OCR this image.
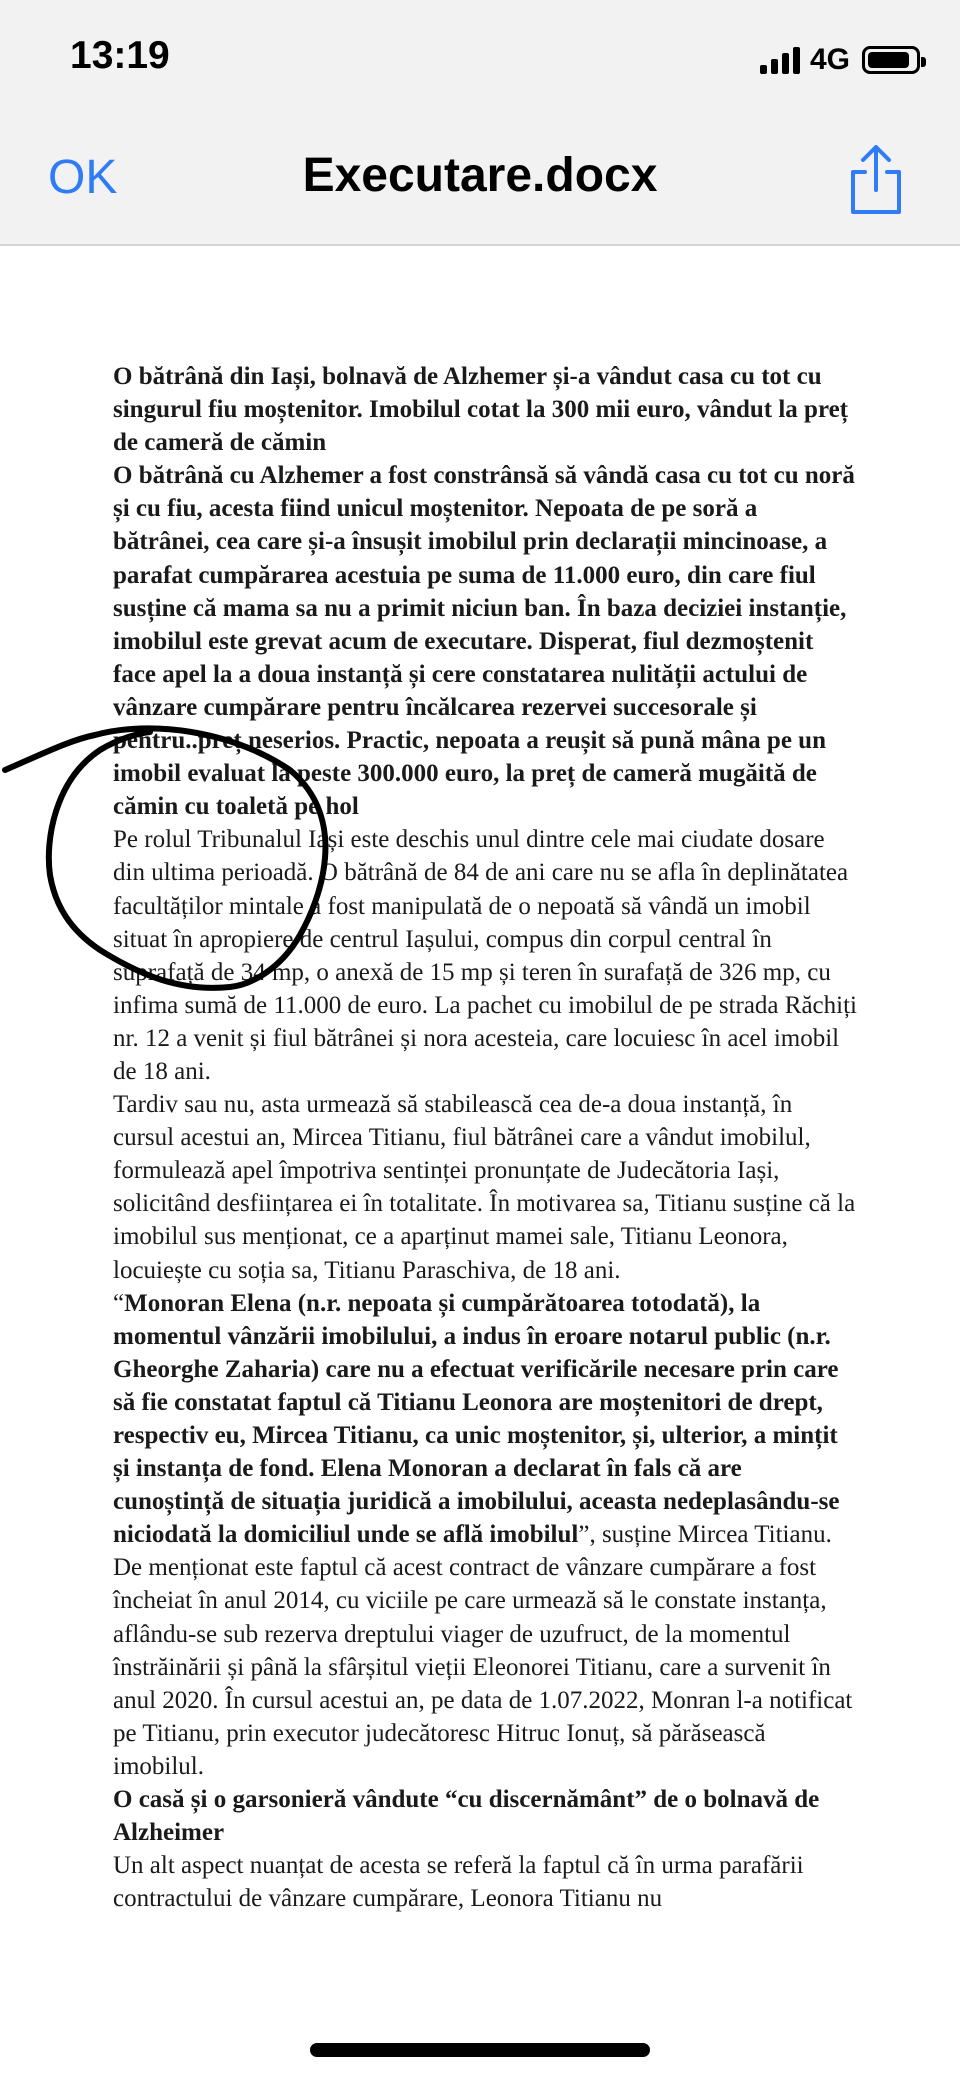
13:19	4G
OK	Executare.docx

O bătrână din Iași, bolnavă de Alzhemer și-a vândut casa cu tot cu singurul fiu moștenitor. Imobilul cotat la 300 mii euro, vândut la preț de cameră de cămin

O bătrână cu Alzhemer a fost constrânsă să vândă casa cu tot cu noră și cu fiu, acesta fiind unicul moștenitor. Nepoata de pe soră a bătrânei, cea care și-a însușit imobilul prin declarații mincinoase, a parafat cumpărarea acestuia pe suma de 11.000 euro, din care fiul susține că mama sa nu a primit niciun ban. În baza deciziei instanție, imobilul este grevat acum de executare. Disperat, fiul dezmoștenit face apel la a doua instanță și cere constatarea nulității actului de vânzare cumpărare pentru încălcarea rezervei succesorale și pentru..preț neserios. Practic, nepoata a reușit să pună mâna pe un imobil evaluat la peste 300.000 euro, la preț de cameră mugăită de cămin cu toaletă pe hol

Pe rolul Tribunalul Iași este deschis unul dintre cele mai ciudate dosare din ultima perioadă. O bătrână de 84 de ani care nu se afla în deplinătatea facultăților mintale a fost manipulată de o nepoată să vândă un imobil situat în apropiere de centrul Iașului, compus din corpul central în suprafață de 34 mp, o anexă de 15 mp și teren în surafață de 326 mp, cu infima sumă de 11.000 de euro. La pachet cu imobilul de pe strada Răchiți nr. 12 a venit și fiul bătrânei și nora acesteia, care locuiesc în acel imobil de 18 ani.

Tardiv sau nu, asta urmează să stabilească cea de-a doua instanță, în cursul acestui an, Mircea Titianu, fiul bătrânei care a vândut imobilul, formulează apel împotriva sentinței pronunțate de Judecătoria Iași, solicitând desființarea ei în totalitate. În motivarea sa, Titianu susține că la imobilul sus menționat, ce a aparținut mamei sale, Titianu Leonora, locuiește cu soția sa, Titianu Paraschiva, de 18 ani.

“Monoran Elena (n.r. nepoata și cumpărătoarea totodată), la momentul vânzării imobilului, a indus în eroare notarul public (n.r. Gheorghe Zaharia) care nu a efectuat verificările necesare prin care să fie constatat faptul că Titianu Leonora are moștenitori de drept, respectiv eu, Mircea Titianu, ca unic moștenitor, și, ulterior, a mințit și instanța de fond. Elena Monoran a declarat în fals că are cunoștință de situația juridică a imobilului, aceasta nedeplasându-se niciodată la domiciliul unde se află imobilul”, susține Mircea Titianu.

De menționat este faptul că acest contract de vânzare cumpărare a fost încheiat în anul 2014, cu viciile pe care urmează să le constate instanța, aflându-se sub rezerva dreptului viager de uzufruct, de la momentul înstrăinării și până la sfârșitul vieții Eleonorei Titianu, care a survenit în anul 2020. În cursul acestui an, pe data de 1.07.2022, Monran l-a notificat pe Titianu, prin executor judecătoresc Hitruc Ionuț, să părăsească imobilul.

O casă și o garsonieră vândute “cu discernământ” de o bolnavă de Alzheimer

Un alt aspect nuanțat de acesta se referă la faptul că în urma parafării contractului de vânzare cumpărare, Leonora Titianu nu
